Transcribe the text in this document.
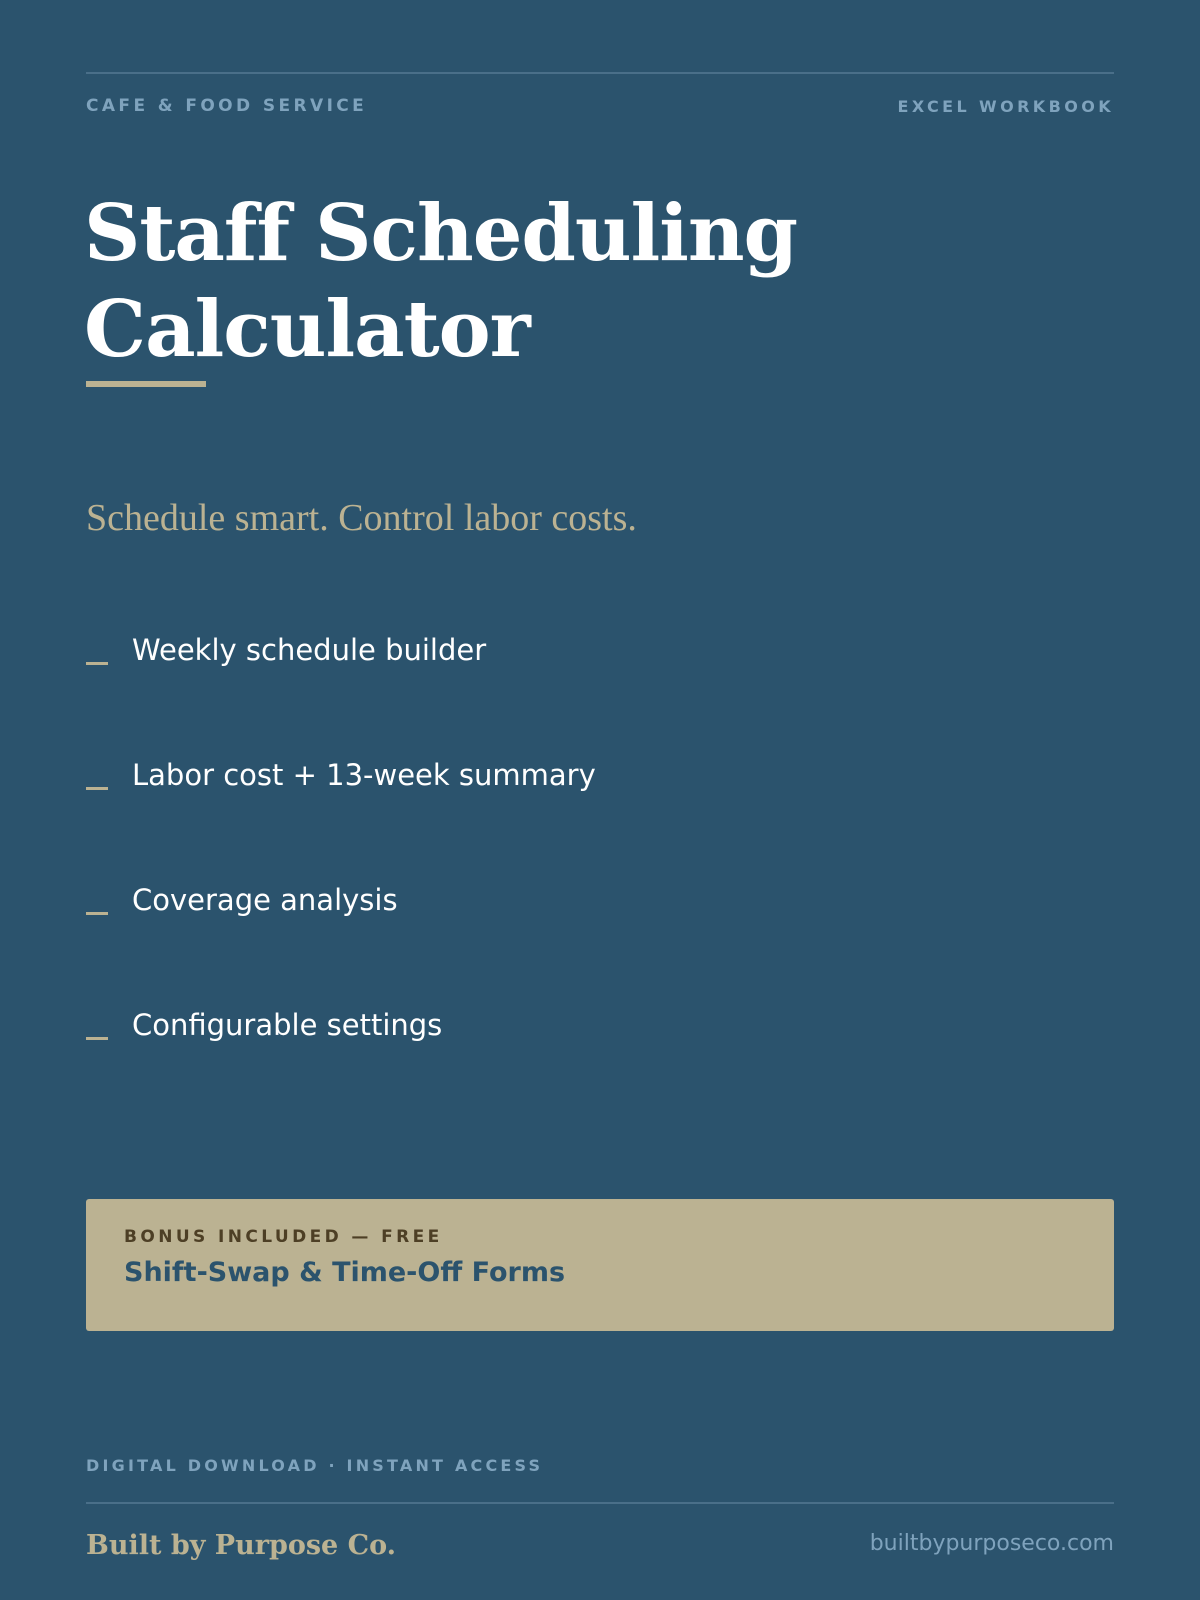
CAFE & FOOD SERVICE	EXCEL WORKBOOK
Staff Scheduling
Calculator

Schedule smart. Control labor costs.

Weekly schedule builder
Labor cost + 13-week summary
Coverage analysis
Configurable settings
BONUS INCLUDED — FREE
Shift-Swap & Time-Off Forms
DIGITAL DOWNLOAD · INSTANT ACCESS
Built by Purpose Co.	builtbypurposeco.com
